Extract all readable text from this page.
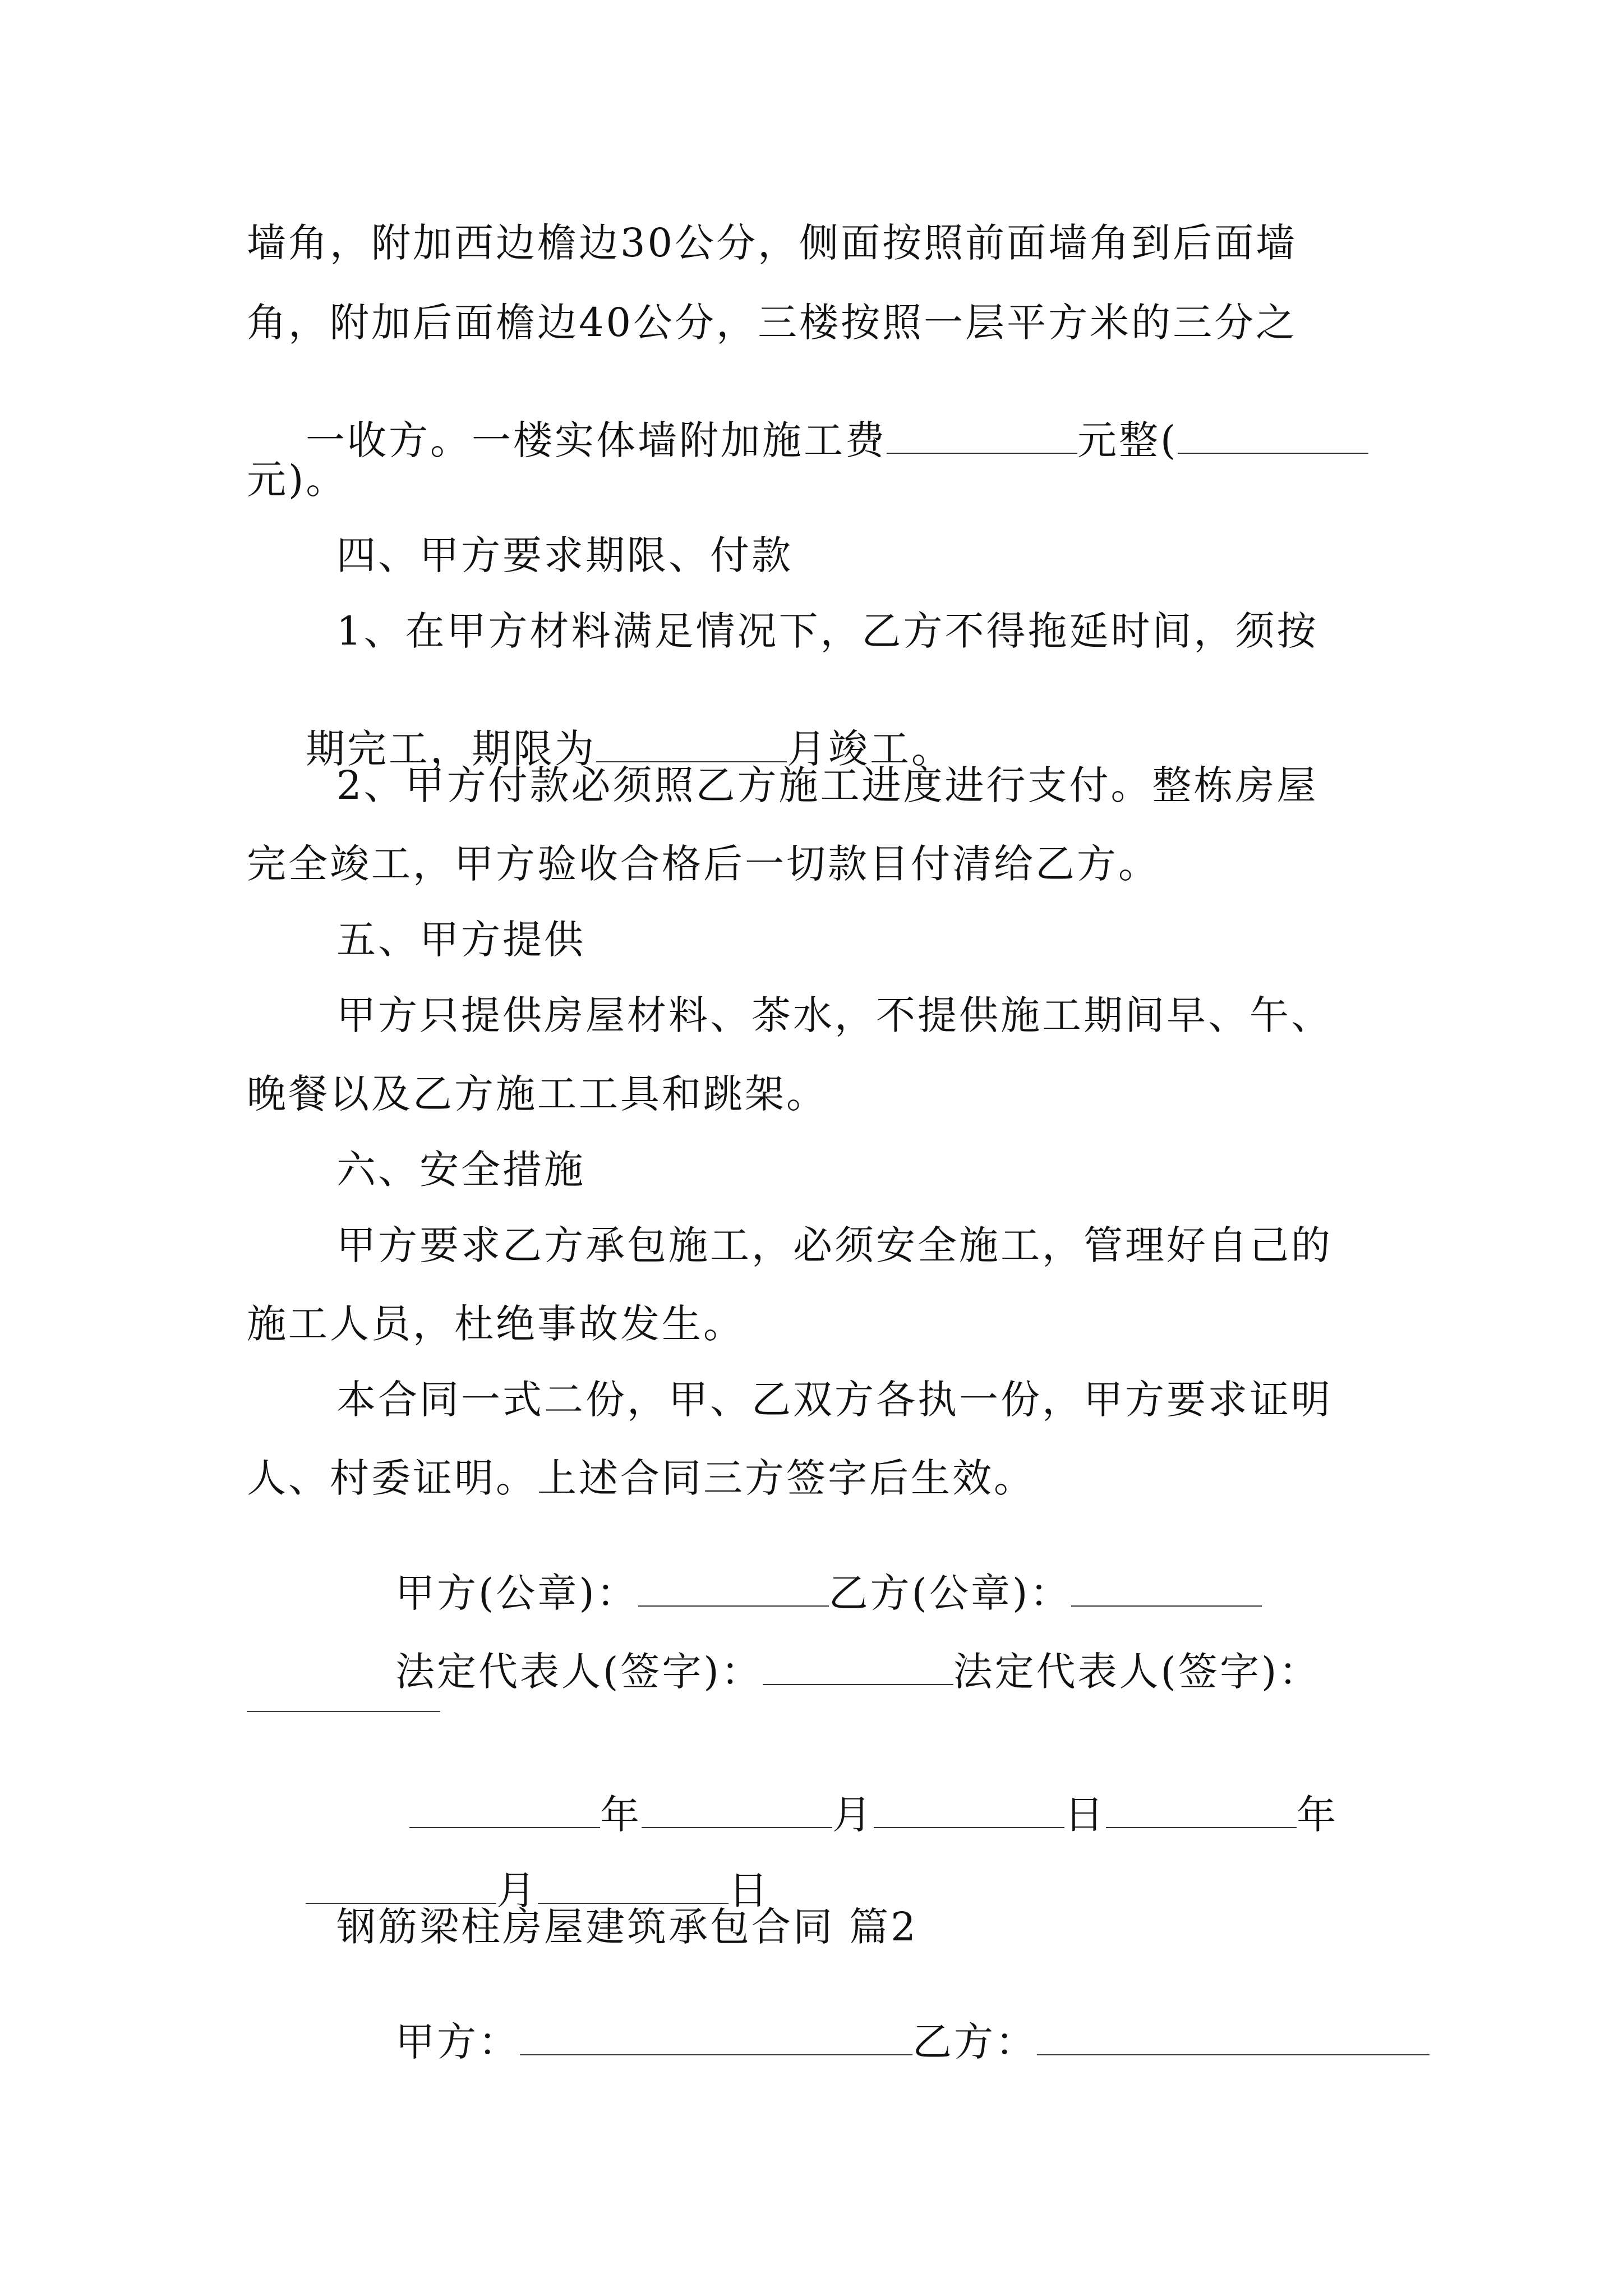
墙角，附加西边檐边30公分，侧面按照前面墙角到后面墙
角，附加后面檐边40公分，三楼按照一层平方米的三分之

一收方。一楼实体墙附加施工费	元整(

元)。
四、甲方要求期限、付款
1、在甲方材料满足情况下，乙方不得拖延时间，须按

期完工，期限为	月竣工。

2、甲方付款必须照乙方施工进度进行支付。整栋房屋
完全竣工，甲方验收合格后一切款目付清给乙方。
五、甲方提供
甲方只提供房屋材料、茶水，不提供施工期间早、午、
晚餐以及乙方施工工具和跳架。
六、安全措施
甲方要求乙方承包施工，必须安全施工，管理好自己的
施工人员，杜绝事故发生。
本合同一式二份，甲、乙双方各执一份，甲方要求证明
人、村委证明。上述合同三方签字后生效。

甲方(公章)：	乙方(公章)：

法定代表人(签字)：	法定代表人(签字)：

年	月	日	年

月	日

钢筋梁柱房屋建筑承包合同 篇2

甲方：	乙方：
